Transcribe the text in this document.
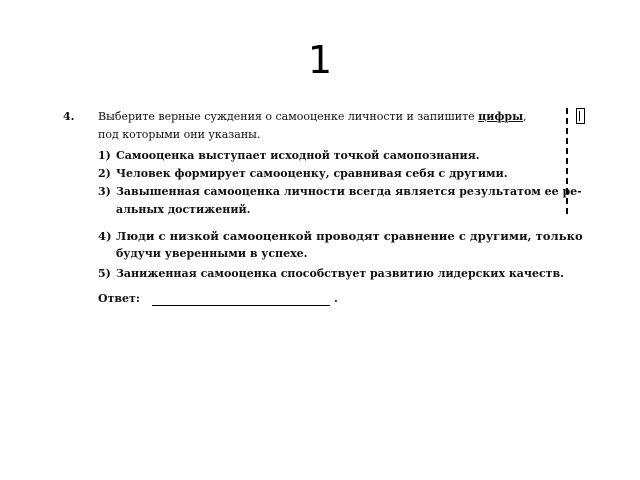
1
4. Выберите верные суждения о самооценке личности и запишите цифры,
под которыми они указаны.
1) Самооценка выступает исходной точкой самопознания.
2) Человек формирует самооценку, сравнивая себя с другими.
3) Завышенная самооценка личности всегда является результатом ее ре-
альных достижений.
4) Люди с низкой самооценкой проводят сравнение с другими, только
будучи уверенными в успехе.
5) Заниженная самооценка способствует развитию лидерских качеств.
Ответ:	.
